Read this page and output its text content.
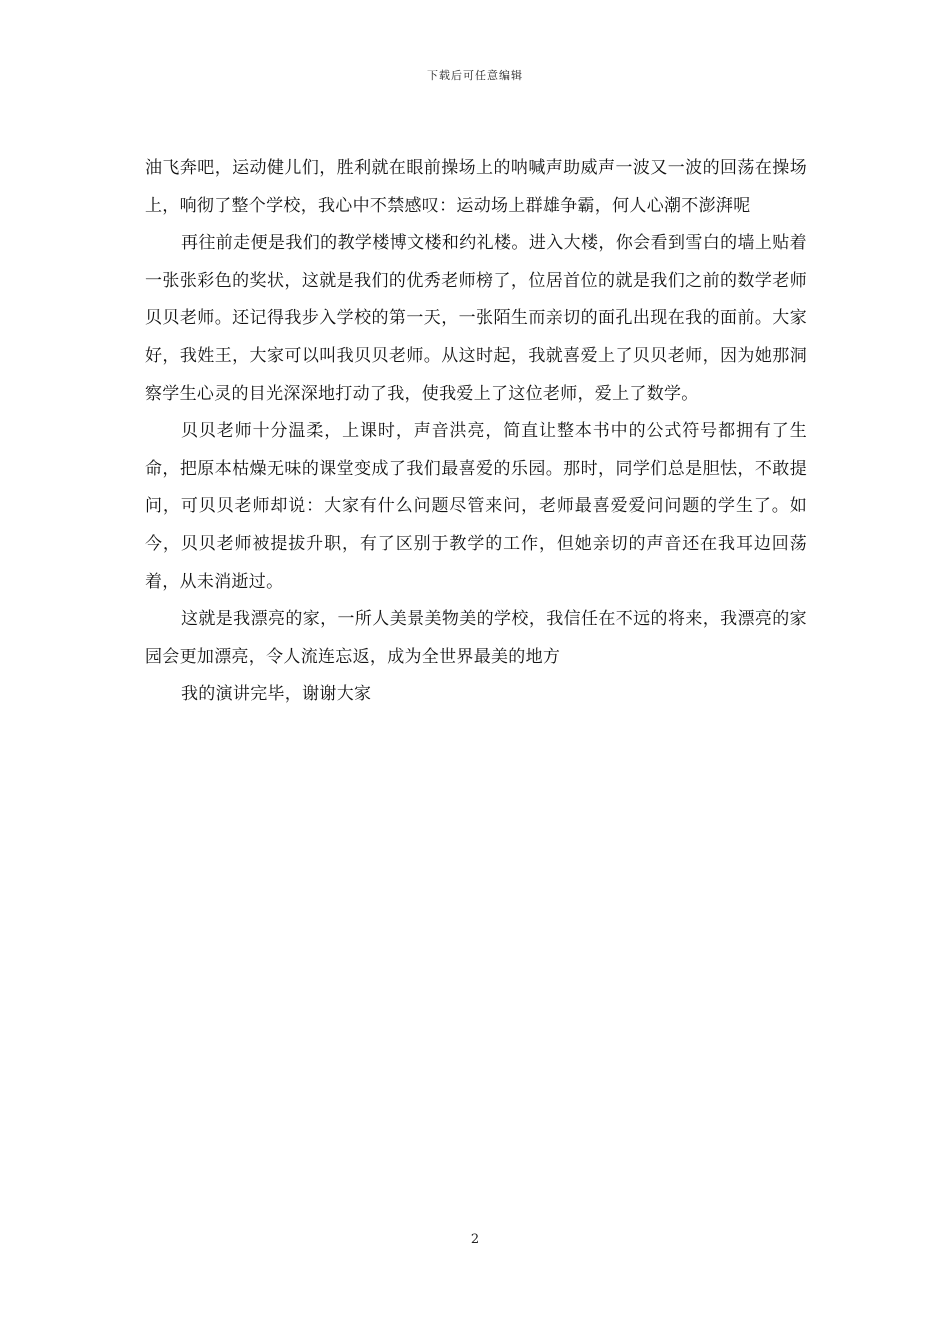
下载后可任意编辑

油飞奔吧，运动健儿们，胜利就在眼前操场上的呐喊声助威声一波又一波的回荡在操场上，响彻了整个学校，我心中不禁感叹：运动场上群雄争霸，何人心潮不澎湃呢

再往前走便是我们的教学楼博文楼和约礼楼。进入大楼，你会看到雪白的墙上贴着一张张彩色的奖状，这就是我们的优秀老师榜了，位居首位的就是我们之前的数学老师贝贝老师。还记得我步入学校的第一天，一张陌生而亲切的面孔出现在我的面前。大家好，我姓王，大家可以叫我贝贝老师。从这时起，我就喜爱上了贝贝老师，因为她那洞察学生心灵的目光深深地打动了我，使我爱上了这位老师，爱上了数学。

贝贝老师十分温柔，上课时，声音洪亮，简直让整本书中的公式符号都拥有了生命，把原本枯燥无味的课堂变成了我们最喜爱的乐园。那时，同学们总是胆怯，不敢提问，可贝贝老师却说：大家有什么问题尽管来问，老师最喜爱爱问问题的学生了。如今，贝贝老师被提拔升职，有了区别于教学的工作，但她亲切的声音还在我耳边回荡着，从未消逝过。

这就是我漂亮的家，一所人美景美物美的学校，我信任在不远的将来，我漂亮的家园会更加漂亮，令人流连忘返，成为全世界最美的地方

我的演讲完毕，谢谢大家

2
